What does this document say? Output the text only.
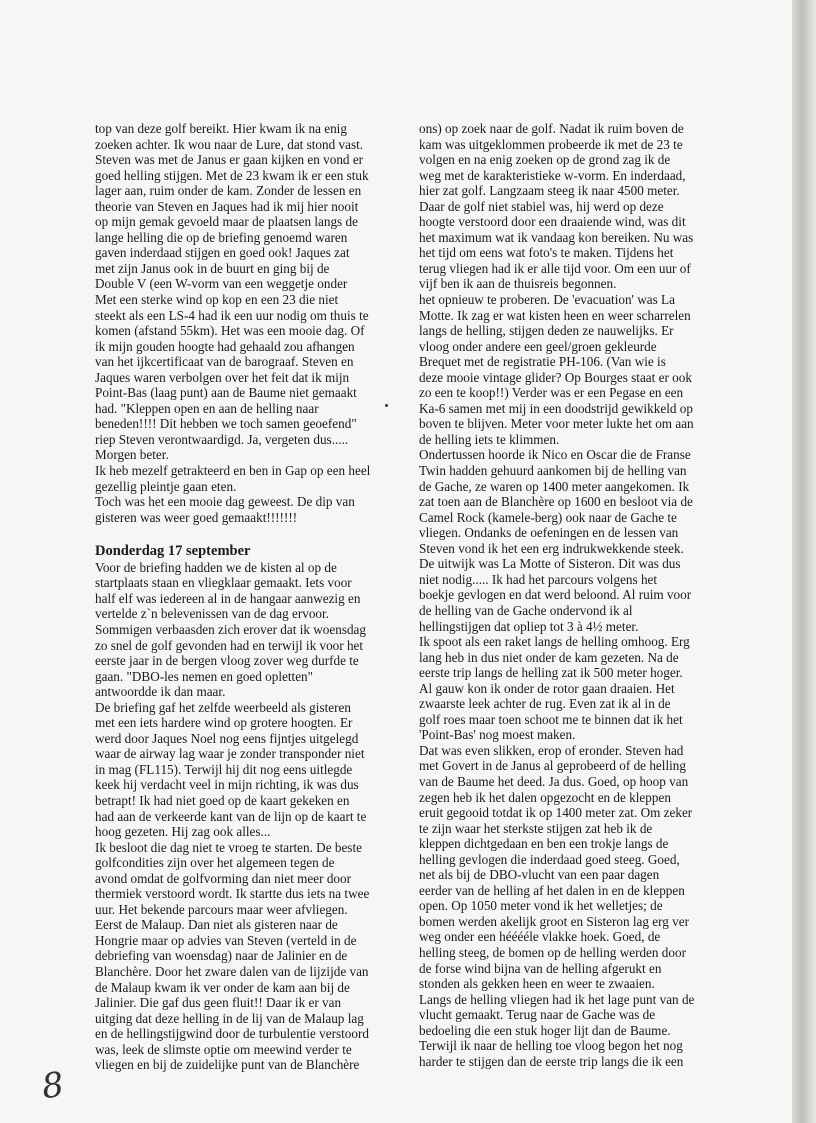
top van deze golf bereikt. Hier kwam ik na enig

zoeken achter. Ik wou naar de Lure, dat stond vast.

Steven was met de Janus er gaan kijken en vond er

goed helling stijgen. Met de 23 kwam ik er een stuk

lager aan, ruim onder de kam. Zonder de lessen en

theorie van Steven en Jaques had ik mij hier nooit

op mijn gemak gevoeld maar de plaatsen langs de

lange helling die op de briefing genoemd waren

gaven inderdaad stijgen en goed ook! Jaques zat

met zijn Janus ook in de buurt en ging bij de

Double V (een W-vorm van een weggetje onder

Met een sterke wind op kop en een 23 die niet

steekt als een LS-4 had ik een uur nodig om thuis te

komen (afstand 55km). Het was een mooie dag. Of

ik mijn gouden hoogte had gehaald zou afhangen

van het ijkcertificaat van de barograaf. Steven en

Jaques waren verbolgen over het feit dat ik mijn

Point-Bas (laag punt) aan de Baume niet gemaakt

had. "Kleppen open en aan de helling naar

beneden!!!! Dit hebben we toch samen geoefend"

riep Steven verontwaardigd. Ja, vergeten dus.....

Morgen beter.

Ik heb mezelf getrakteerd en ben in Gap op een heel

gezellig pleintje gaan eten.

Toch was het een mooie dag geweest. De dip van

gisteren was weer goed gemaakt!!!!!!!

Donderdag 17 september

Voor de briefing hadden we de kisten al op de

startplaats staan en vliegklaar gemaakt. Iets voor

half elf was iedereen al in de hangaar aanwezig en

vertelde z`n belevenissen van de dag ervoor.

Sommigen verbaasden zich erover dat ik woensdag

zo snel de golf gevonden had en terwijl ik voor het

eerste jaar in de bergen vloog zover weg durfde te

gaan. "DBO-les nemen en goed opletten"

antwoordde ik dan maar.

De briefing gaf het zelfde weerbeeld als gisteren

met een iets hardere wind op grotere hoogten. Er

werd door Jaques Noel nog eens fijntjes uitgelegd

waar de airway lag waar je zonder transponder niet

in mag (FL115). Terwijl hij dit nog eens uitlegde

keek hij verdacht veel in mijn richting, ik was dus

betrapt! Ik had niet goed op de kaart gekeken en

had aan de verkeerde kant van de lijn op de kaart te

hoog gezeten. Hij zag ook alles...

Ik besloot die dag niet te vroeg te starten. De beste

golfcondities zijn over het algemeen tegen de

avond omdat de golfvorming dan niet meer door

thermiek verstoord wordt. Ik startte dus iets na twee

uur. Het bekende parcours maar weer afvliegen.

Eerst de Malaup. Dan niet als gisteren naar de

Hongrie maar op advies van Steven (verteld in de

debriefing van woensdag) naar de Jalinier en de

Blanchère. Door het zware dalen van de lijzijde van

de Malaup kwam ik ver onder de kam aan bij de

Jalinier. Die gaf dus geen fluit!! Daar ik er van

uitging dat deze helling in de lij van de Malaup lag

en de hellingstijgwind door de turbulentie verstoord

was, leek de slimste optie om meewind verder te

vliegen en bij de zuidelijke punt van de Blanchère

ons) op zoek naar de golf. Nadat ik ruim boven de

kam was uitgeklommen probeerde ik met de 23 te

volgen en na enig zoeken op de grond zag ik de

weg met de karakteristieke w-vorm. En inderdaad,

hier zat golf. Langzaam steeg ik naar 4500 meter.

Daar de golf niet stabiel was, hij werd op deze

hoogte verstoord door een draaiende wind, was dit

het maximum wat ik vandaag kon bereiken. Nu was

het tijd om eens wat foto's te maken. Tijdens het

terug vliegen had ik er alle tijd voor. Om een uur of

vijf ben ik aan de thuisreis begonnen.

het opnieuw te proberen. De 'evacuation' was La

Motte. Ik zag er wat kisten heen en weer scharrelen

langs de helling, stijgen deden ze nauwelijks. Er

vloog onder andere een geel/groen gekleurde

Brequet met de registratie PH-106. (Van wie is

deze mooie vintage glider? Op Bourges staat er ook

zo een te koop!!) Verder was er een Pegase en een

Ka-6 samen met mij in een doodstrijd gewikkeld op

boven te blijven. Meter voor meter lukte het om aan

de helling iets te klimmen.

Ondertussen hoorde ik Nico en Oscar die de Franse

Twin hadden gehuurd aankomen bij de helling van

de Gache, ze waren op 1400 meter aangekomen. Ik

zat toen aan de Blanchère op 1600 en besloot via de

Camel Rock (kamele-berg) ook naar de Gache te

vliegen. Ondanks de oefeningen en de lessen van

Steven vond ik het een erg indrukwekkende steek.

De uitwijk was La Motte of Sisteron. Dit was dus

niet nodig..... Ik had het parcours volgens het

boekje gevlogen en dat werd beloond. Al ruim voor

de helling van de Gache ondervond ik al

hellingstijgen dat opliep tot 3 à 4½ meter.

Ik spoot als een raket langs de helling omhoog. Erg

lang heb in dus niet onder de kam gezeten. Na de

eerste trip langs de helling zat ik 500 meter hoger.

Al gauw kon ik onder de rotor gaan draaien. Het

zwaarste leek achter de rug. Even zat ik al in de

golf roes maar toen schoot me te binnen dat ik het

'Point-Bas' nog moest maken.

Dat was even slikken, erop of eronder. Steven had

met Govert in de Janus al geprobeerd of de helling

van de Baume het deed. Ja dus. Goed, op hoop van

zegen heb ik het dalen opgezocht en de kleppen

eruit gegooid totdat ik op 1400 meter zat. Om zeker

te zijn waar het sterkste stijgen zat heb ik de

kleppen dichtgedaan en ben een trokje langs de

helling gevlogen die inderdaad goed steeg. Goed,

net als bij de DBO-vlucht van een paar dagen

eerder van de helling af het dalen in en de kleppen

open. Op 1050 meter vond ik het welletjes; de

bomen werden akelijk groot en Sisteron lag erg ver

weg onder een hééééle vlakke hoek. Goed, de

helling steeg, de bomen op de helling werden door

de forse wind bijna van de helling afgerukt en

stonden als gekken heen en weer te zwaaien.

Langs de helling vliegen had ik het lage punt van de

vlucht gemaakt. Terug naar de Gache was de

bedoeling die een stuk hoger lijt dan de Baume.

Terwijl ik naar de helling toe vloog begon het nog

harder te stijgen dan de eerste trip langs die ik een

8
